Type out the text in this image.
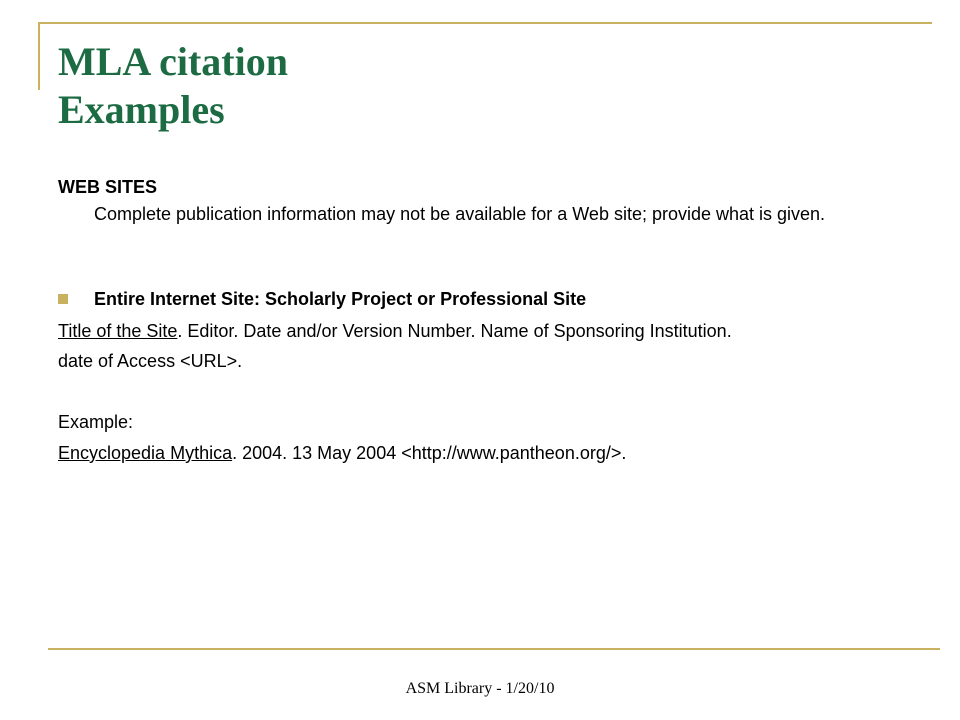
MLA citation
Examples
WEB SITES
Complete publication information may not be available for a Web site; provide what is given.
Entire Internet Site: Scholarly Project or Professional Site
Title of the Site. Editor. Date and/or Version Number. Name of Sponsoring Institution.
date of Access <URL>.
Example:
Encyclopedia Mythica. 2004. 13 May 2004 <http://www.pantheon.org/>.
ASM Library - 1/20/10
